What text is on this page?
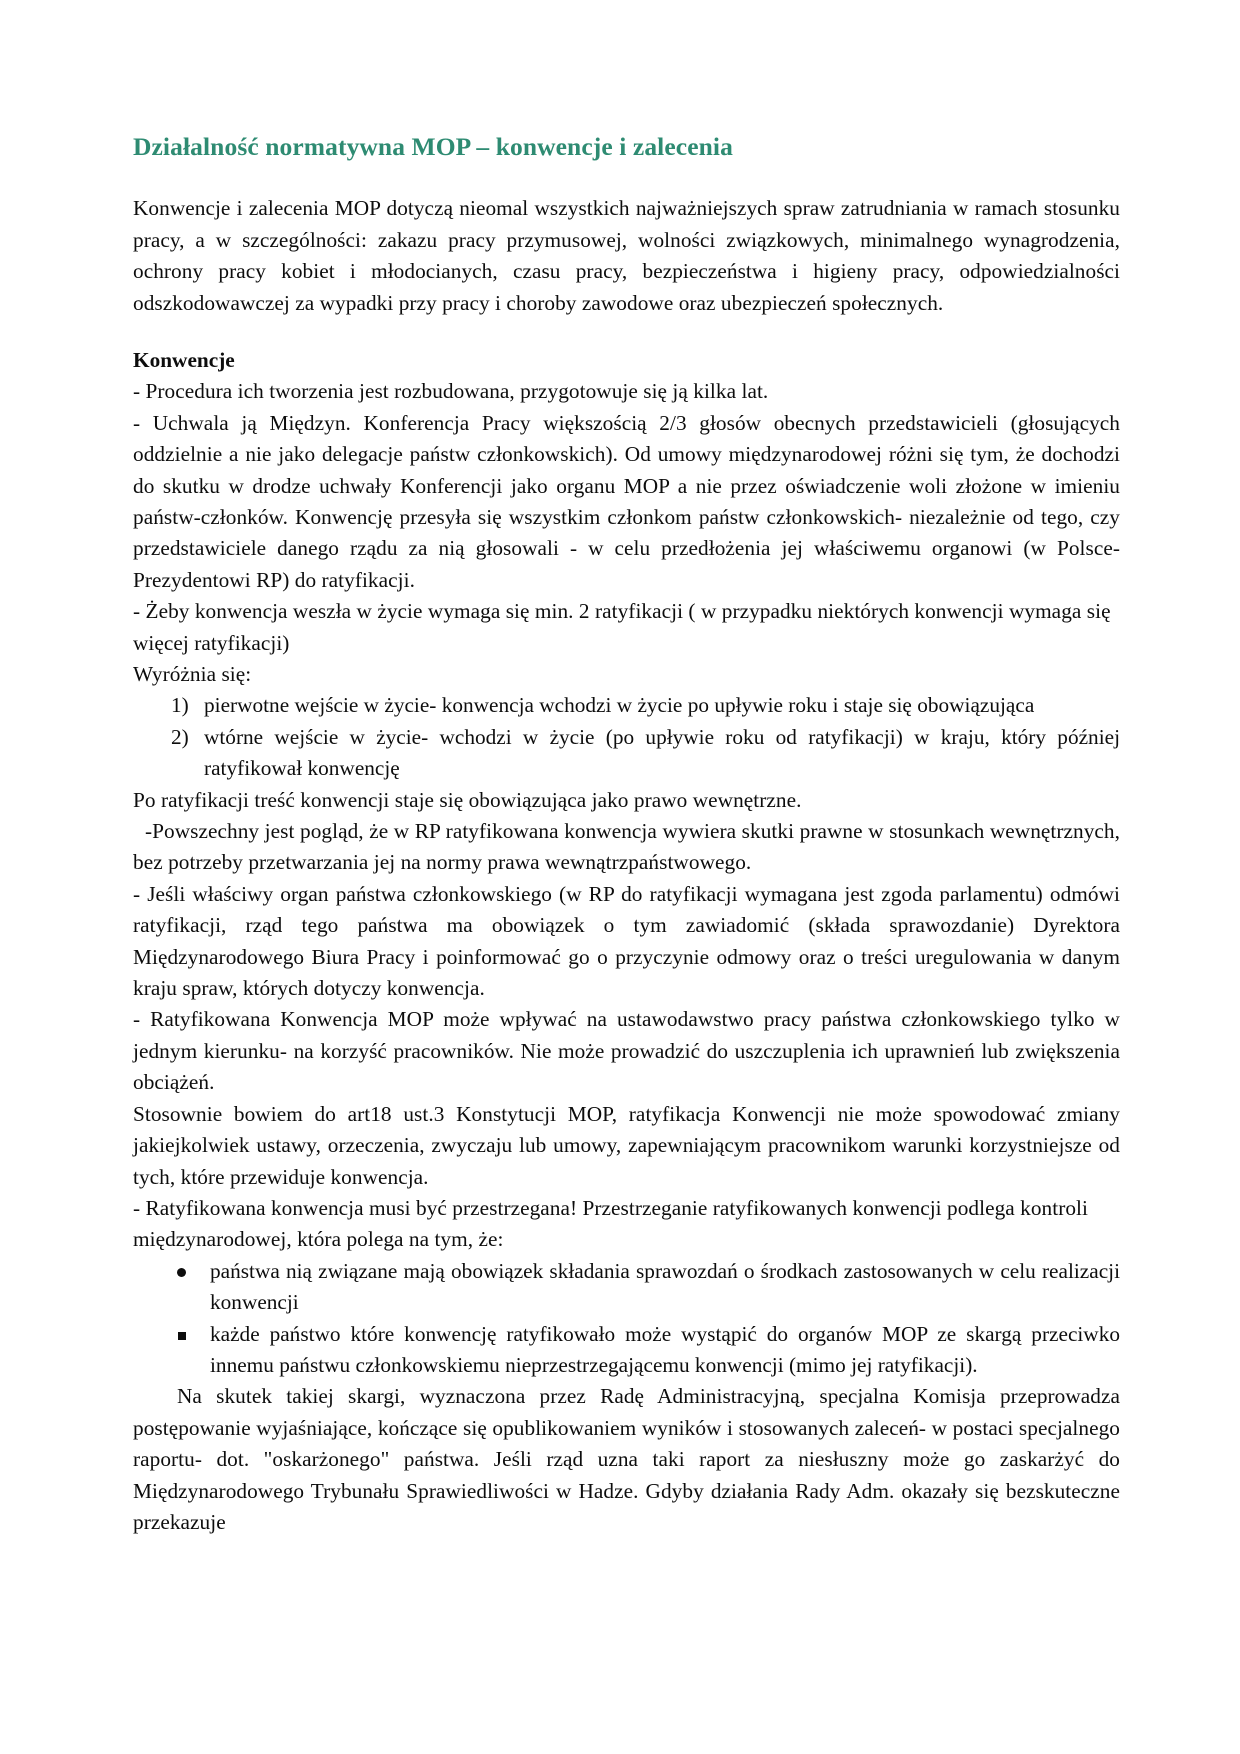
Działalność normatywna MOP – konwencje i zalecenia

Konwencje i zalecenia MOP dotyczą nieomal wszystkich najważniejszych spraw zatrudniania w ramach stosunku pracy, a w szczególności: zakazu pracy przymusowej, wolności związkowych, minimalnego wynagrodzenia, ochrony pracy kobiet i młodocianych, czasu pracy, bezpieczeństwa i higieny pracy, odpowiedzialności odszkodowawczej za wypadki przy pracy i choroby zawodowe oraz ubezpieczeń społecznych.

Konwencje

- Procedura ich tworzenia jest rozbudowana, przygotowuje się ją kilka lat.

- Uchwala ją Międzyn. Konferencja Pracy większością 2/3 głosów obecnych przedstawicieli (głosujących oddzielnie a nie jako delegacje państw członkowskich). Od umowy międzynarodowej różni się tym, że dochodzi do skutku w drodze uchwały Konferencji jako organu MOP a nie przez oświadczenie woli złożone w imieniu państw-członków. Konwencję przesyła się wszystkim członkom państw członkowskich- niezależnie od tego, czy przedstawiciele danego rządu za nią głosowali - w celu przedłożenia jej właściwemu organowi (w Polsce- Prezydentowi RP) do ratyfikacji.

- Żeby konwencja weszła w życie wymaga się min. 2 ratyfikacji ( w przypadku niektórych konwencji wymaga się więcej ratyfikacji)

Wyróżnia się:

1) pierwotne wejście w życie- konwencja wchodzi w życie po upływie roku i staje się obowiązująca
2) wtórne wejście w życie- wchodzi w życie (po upływie roku od ratyfikacji) w kraju, który później ratyfikował konwencję

Po ratyfikacji treść konwencji staje się obowiązująca jako prawo wewnętrzne.

-Powszechny jest pogląd, że w RP ratyfikowana konwencja wywiera skutki prawne w stosunkach wewnętrznych, bez potrzeby przetwarzania jej na normy prawa wewnątrzpaństwowego.

- Jeśli właściwy organ państwa członkowskiego (w RP do ratyfikacji wymagana jest zgoda parlamentu) odmówi ratyfikacji, rząd tego państwa ma obowiązek o tym zawiadomić (składa sprawozdanie) Dyrektora Międzynarodowego Biura Pracy i poinformować go o przyczynie odmowy oraz o treści uregulowania w danym kraju spraw, których dotyczy konwencja.

- Ratyfikowana Konwencja MOP może wpływać na ustawodawstwo pracy państwa członkowskiego tylko w jednym kierunku- na korzyść pracowników. Nie może prowadzić do uszczuplenia ich uprawnień lub zwiększenia obciążeń.

Stosownie bowiem do art18 ust.3 Konstytucji MOP, ratyfikacja Konwencji nie może spowodować zmiany jakiejkolwiek ustawy, orzeczenia, zwyczaju lub umowy, zapewniającym pracownikom warunki korzystniejsze od tych, które przewiduje konwencja.

- Ratyfikowana konwencja musi być przestrzegana! Przestrzeganie ratyfikowanych konwencji podlega kontroli międzynarodowej, która polega na tym, że:

państwa nią związane mają obowiązek składania sprawozdań o środkach zastosowanych w celu realizacji konwencji
każde państwo które konwencję ratyfikowało może wystąpić do organów MOP ze skargą przeciwko innemu państwu członkowskiemu nieprzestrzegającemu konwencji (mimo jej ratyfikacji).

Na skutek takiej skargi, wyznaczona przez Radę Administracyjną, specjalna Komisja przeprowadza postępowanie wyjaśniające, kończące się opublikowaniem wyników i stosowanych zaleceń- w postaci specjalnego raportu- dot. "oskarżonego" państwa. Jeśli rząd uzna taki raport za niesłuszny może go zaskarżyć do Międzynarodowego Trybunału Sprawiedliwości w Hadze. Gdyby działania Rady Adm. okazały się bezskuteczne przekazuje
